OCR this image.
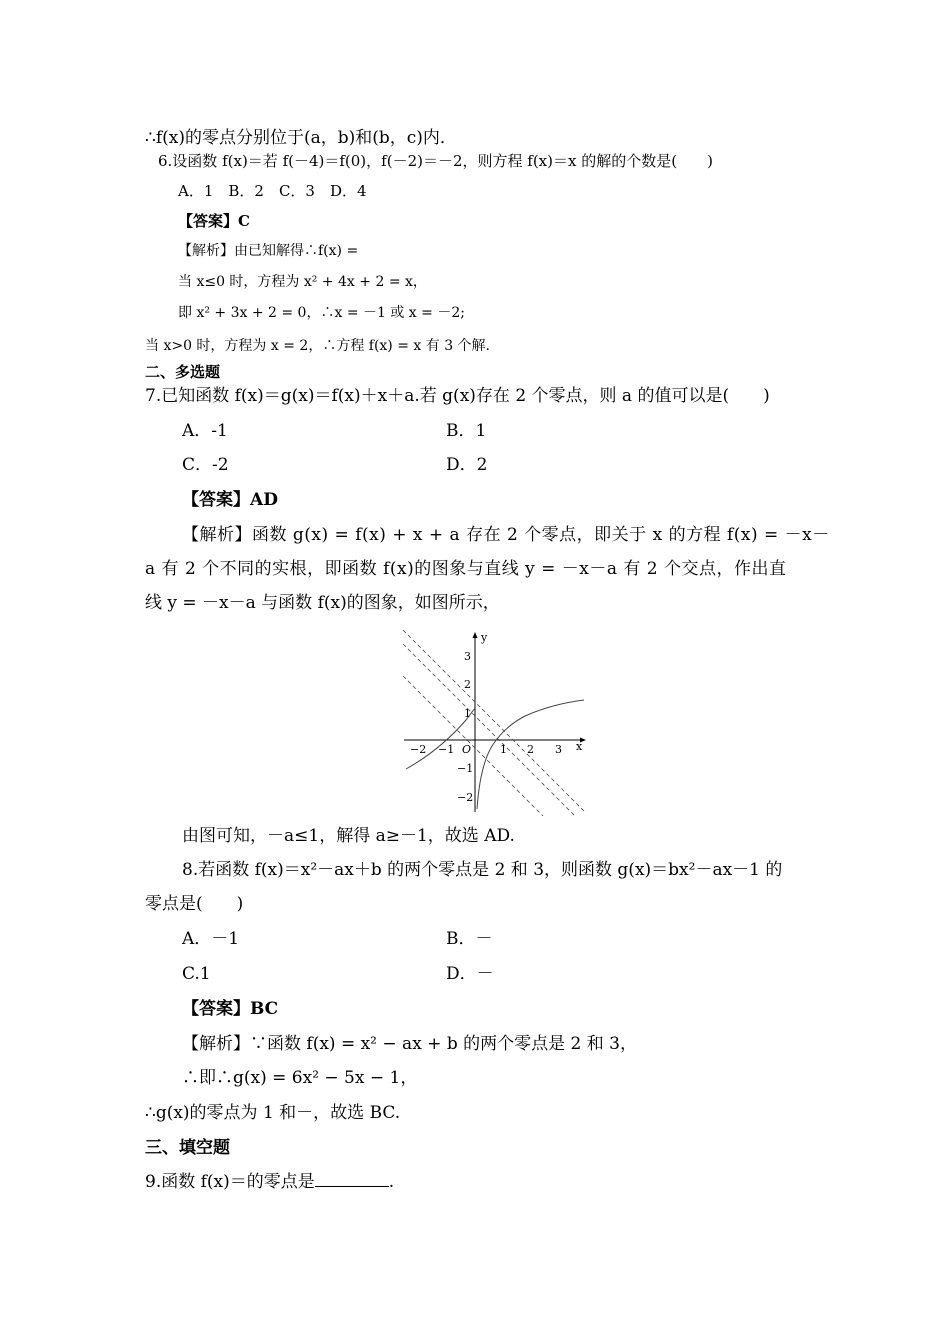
∴f(x)的零点分别位于(a，b)和(b，c)内．
6.设函数 f(x)＝若 f(－4)＝f(0)，f(－2)＝－2，则方程 f(x)＝x 的解的个数是(　　)
A．1　B．2　C．3　D．4
【答案】C
【解析】由已知解得∴f(x) =
当 x≤0 时，方程为 x² + 4x + 2 = x，
即 x² + 3x + 2 = 0，∴x = －1 或 x = －2;
当 x>0 时，方程为 x = 2，∴方程 f(x) = x 有 3 个解.
二、多选题
7.已知函数 f(x)＝g(x)＝f(x)＋x＋a.若 g(x)存在 2 个零点，则 a 的值可以是(　　)
A．-1	B．1
C．-2	D．2
【答案】AD
【解析】函数 g(x) = f(x) + x + a 存在 2 个零点，即关于 x 的方程 f(x) = －x－
a 有 2 个不同的实根，即函数 f(x)的图象与直线 y = －x－a 有 2 个交点，作出直
线 y = －x－a 与函数 f(x)的图象，如图所示，
y
x
O
−2 −1	1 2 3
3
2
1
−1
−2
由图可知，－a≤1，解得 a≥－1，故选 AD.
8.若函数 f(x)＝x²－ax＋b 的两个零点是 2 和 3，则函数 g(x)＝bx²－ax－1 的
零点是(　　)
A．－1	B．－
C.1	D．－
【答案】BC
【解析】∵函数 f(x) = x² − ax + b 的两个零点是 2 和 3，
∴即∴g(x) = 6x² − 5x − 1，
∴g(x)的零点为 1 和－，故选 BC.
三、填空题
9.函数 f(x)＝的零点是	.
